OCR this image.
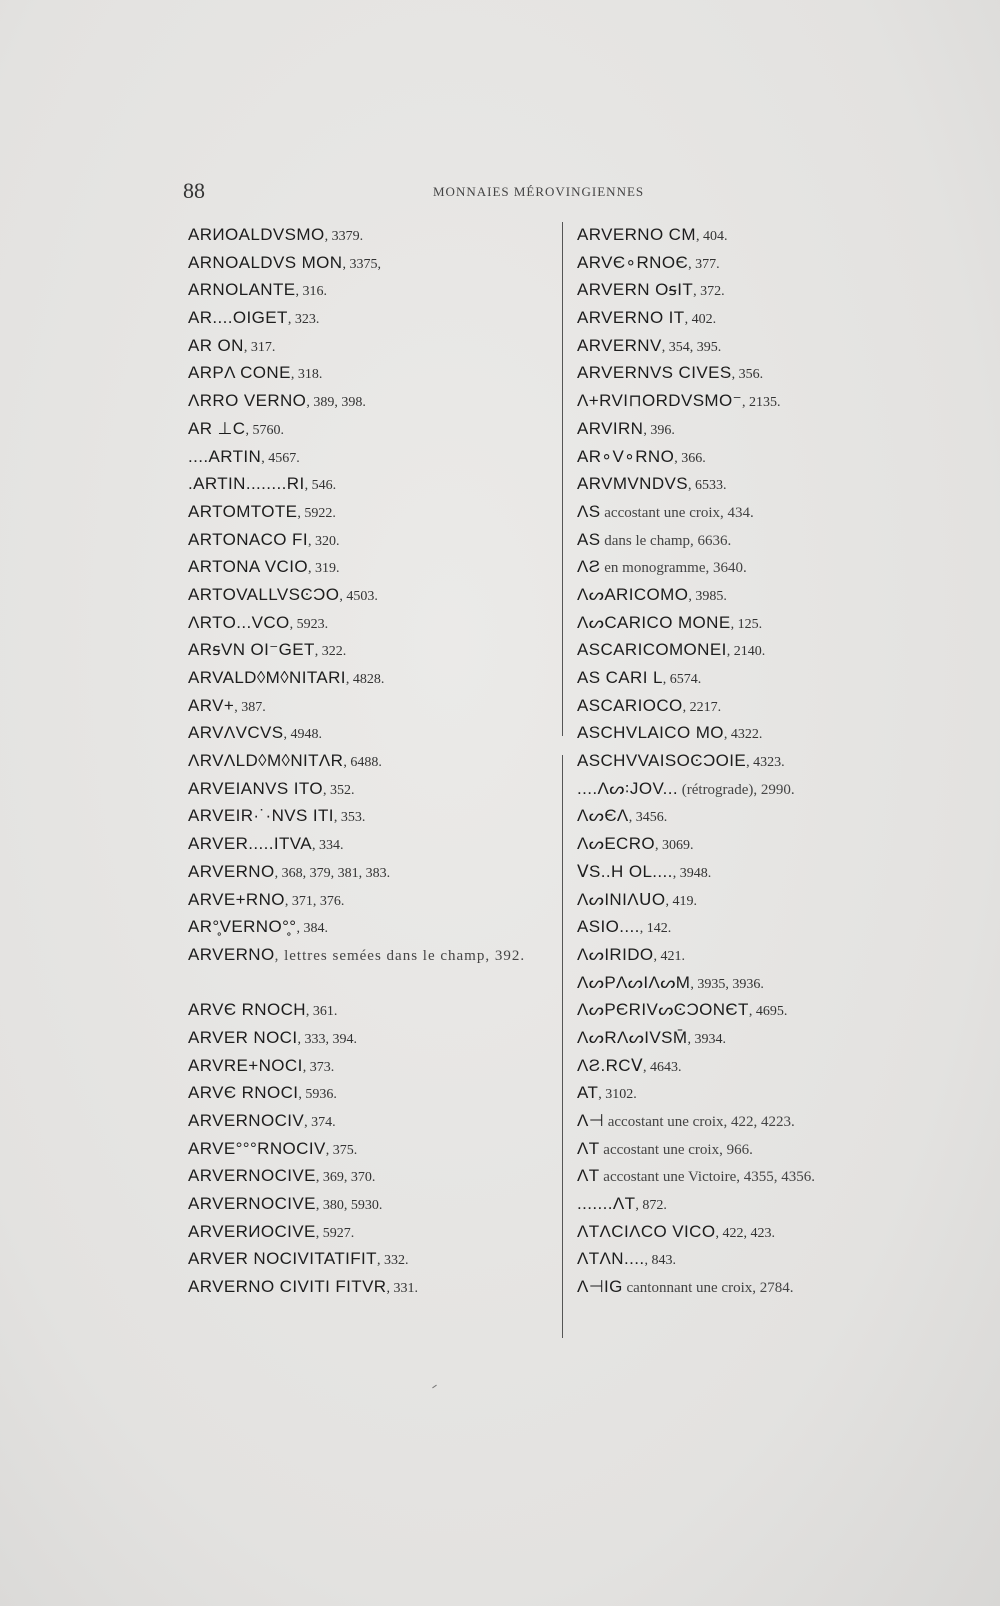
88	MONNAIES MÉROVINGIENNES
ARИOALDVSMO, 3379.
ARNOALDVS MON, 3375,
ARNOLANTE, 316.
AR....OIGET, 323.
AR ON, 317.
ARPΛ CONE, 318.
ΛRRO VERNO, 389, 398.
AR ⊥C, 5760.
....ARTIN, 4567.
.ARTIN........RI, 546.
ARTOMTOTE, 5922.
ARTONACO FI, 320.
ARTONA VCIO, 319.
ARTOVALLVSϾϽO, 4503.
ΛRTO...VCO, 5923.
ARꟊVN OI⁻GET, 322.
ARVALD◊M◊NITARI, 4828.
ARV+, 387.
ARVΛVCVS, 4948.
ΛRVΛLD◊M◊NITΛR, 6488.
ARVEIANVS ITO, 352.
ARVEIR·˙·NVS ITI, 353.
ARVER.....ITVA, 334.
ARVERNO, 368, 379, 381, 383.
ARVE+RNO, 371, 376.
AR°̥VERNO°̥°, 384.
ARVERNO, lettres semées dans le champ, 392.
ARVЄ RNOCH, 361.
ARVER NOCI, 333, 394.
ARVRE+NOCI, 373.
ARVЄ RNOCI, 5936.
ARVERNOCIV, 374.
ARVE°°°RNOCIV, 375.
ARVERNOCIVE, 369, 370.
ARVERNOCIVE, 380, 5930.
ARVERИOCIVE, 5927.
ARVER NOCIVITATIFIT, 332.
ARVERNO CIVITI FITVR, 331.
ARVERNO CM, 404.
ARVЄ∘RNOЄ, 377.
ARVERN OꟊIT, 372.
ARVERNO IT, 402.
ARVERNV, 354, 395.
ARVERNVS CIVES, 356.
Λ+RVI⊓ORDVSMO⁻, 2135.
ARVIRN, 396.
AR∘V∘RNO, 366.
ARVMVNDVS, 6533.
ΛS accostant une croix, 434.
AS dans le champ, 6636.
ΛƧ en monogramme, 3640.
ΛᔕARICOMO, 3985.
ΛᔕCARICO MONE, 125.
ASCARICOMONEI, 2140.
AS CARI L, 6574.
ASCARIOCO, 2217.
ASCHVLAICO MO, 4322.
ASCHVVAISOϾϽOIE, 4323.
....Λᔕ꞉JOV... (rétrograde), 2990.
ΛᔕЄΛ, 3456.
ΛᔕECRO, 3069.
ꓦS..H OL...., 3948.
ΛᔕINIΛᑌO, 419.
ASIO...., 142.
ΛᔕIRIDO, 421.
ΛᔕPΛᔕIΛᔕM, 3935, 3936.
ΛᔕPЄRIVᔕϾϽONЄT, 4695.
ΛᔕRΛᔕIVSM̄, 3934.
ΛƧ.RCꓦ, 4643.
AT, 3102.
Λ⊣ accostant une croix, 422, 4223.
ΛT accostant une croix, 966.
ΛT accostant une Victoire, 4355, 4356.
.......ΛT, 872.
ΛTΛCIΛCO VICO, 422, 423.
ΛTΛN...., 843.
Λ⊣IG cantonnant une croix, 2784.
